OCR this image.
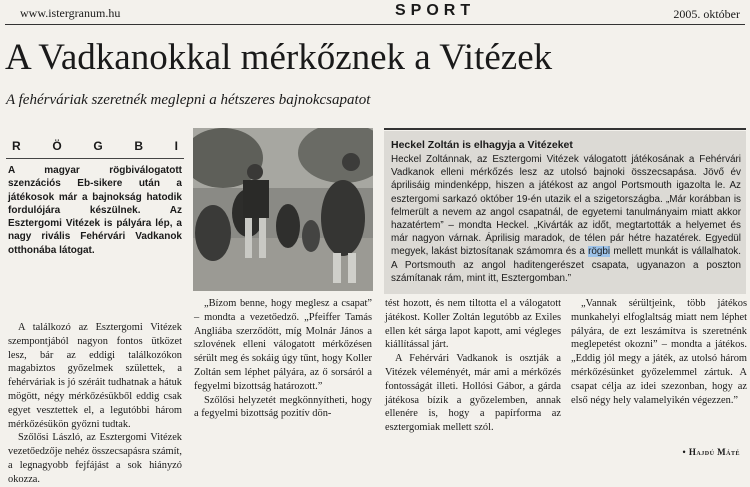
www.istergranum.hu	SPORT	2005. október
A Vadkanokkal mérkőznek a Vitézek
A fehérváriak szeretnék meglepni a hétszeres bajnokcsapatot
R Ö G B I
A magyar rögbiválogatott szenzációs Eb-sikere után a játékosok már a bajnokság hatodik fordulójára készülnek. Az Esztergomi Vitézek is pályára lép, a nagy rivális Fehérvári Vadkanok otthonába látogat.

A találkozó az Esztergomi Vitézek szempontjából nagyon fontos ütközet lesz, bár az eddigi találkozókon magabiztos győzelmek születtek, a fehérváriak is jó széráit tudhatnak a hátuk mögött, négy mérkőzésükből eddig csak egyet vesztettek el, a legutóbbi három mérkőzésükön győzni tudtak.

Szőlősi László, az Esztergomi Vitézek vezetőedzője nehéz összecsapásra számít, a legnagyobb fejfájást a sok hiányzó okozza.

„Bízom benne, hogy meglesz a csapat” – mondta a vezetőedző. „Pfeiffer Tamás Angliába szerződött, míg Molnár János a szlovének elleni válogatott mérkőzésen sérült meg és sokáig úgy tűnt, hogy Koller Zoltán sem léphet pályára, az ő sorsáról a fegyelmi bizottság határozott.”

Szőlősi helyzetét megkönnyítheti, hogy a fegyelmi bizottság pozitív dön-

Heckel Zoltán is elhagyja a Vitézeket
Heckel Zoltánnak, az Esztergomi Vitézek válogatott játékosának a Fehérvári Vadkanok elleni mérkőzés lesz az utolsó bajnoki összecsapása. Jövő év áprilisáig mindenképp, hiszen a játékost az angol Portsmouth igazolta le. Az esztergomi sarkazó október 19-én utazik el a szigetországba. „Már korábban is felmerült a nevem az angol csapatnál, de egyetemi tanulmányaim miatt akkor hazatértem” – mondta Heckel. „Kivárták az időt, megtartották a helyemet és már nagyon várnak. Áprilisig maradok, de télen pár hétre hazatérek. Egyedül megyek, lakást biztosítanak számomra és a rögbi mellett munkát is vállalhatok. A Portsmouth az angol haditengerészet csapata, ugyanazon a poszton számítanak rám, mint itt, Esztergomban.”

tést hozott, és nem tiltotta el a válogatott játékost. Koller Zoltán legutóbb az Exiles ellen két sárga lapot kapott, ami végleges kiállítással járt.

A Fehérvári Vadkanok is osztják a Vitézek véleményét, már ami a mérkőzés fontosságát illeti. Hollósi Gábor, a gárda játékosa bízik a győzelemben, annak ellenére is, hogy a papírforma az esztergomiak mellett szól.

„Vannak sérültjeink, több játékos munkahelyi elfoglaltság miatt nem léphet pályára, de ezt leszámítva is szeretnénk meglepetést okozni” – mondta a játékos. „Eddig jól megy a játék, az utolsó három mérkőzésünket győzelemmel zártuk. A csapat célja az idei szezonban, hogy az első négy hely valamelyikén végezzen.”

• Hajdú Máté
